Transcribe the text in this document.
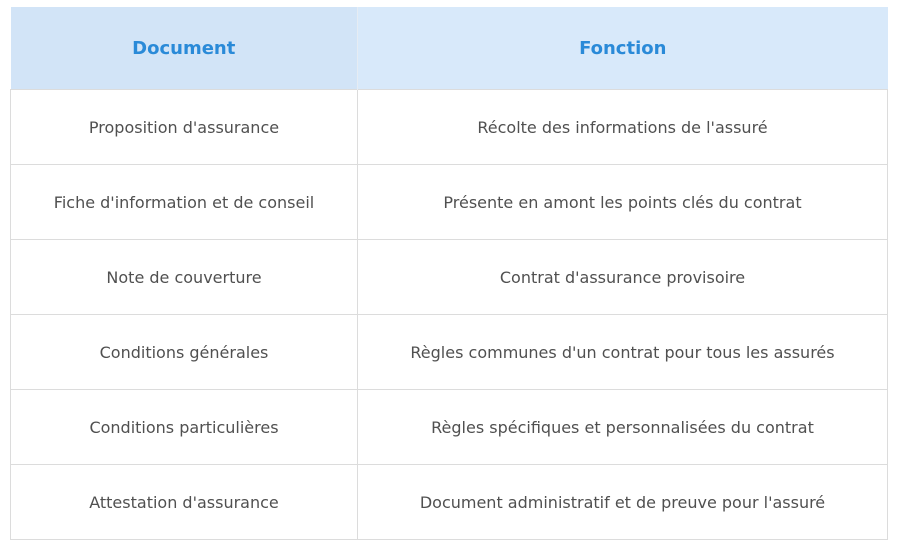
Document	Fonction
Proposition d'assurance	Récolte des informations de l'assuré
Fiche d'information et de conseil	Présente en amont les points clés du contrat
Note de couverture	Contrat d'assurance provisoire
Conditions générales	Règles communes d'un contrat pour tous les assurés
Conditions particulières	Règles spécifiques et personnalisées du contrat
Attestation d'assurance	Document administratif et de preuve pour l'assuré
